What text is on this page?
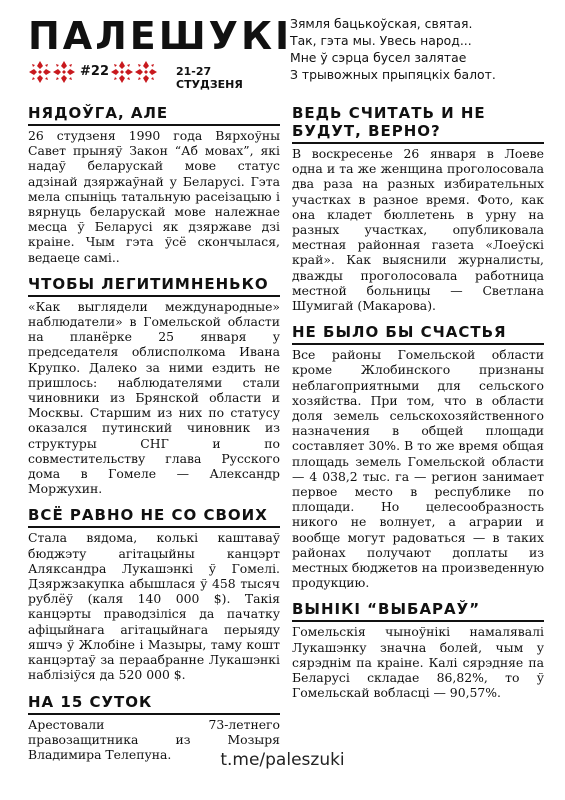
ПАЛЕШУКІ
#22	21-27 СТУДЗЕНЯ
Зямля бацькоўская, святая.
Так, гэта мы. Увесь народ...
Мне ў сэрца бусел залятае
З трывожных прыпяцкіх балот.
НЯДОЎГА, АЛЕ

26 студзеня 1990 года Вярхоўны Савет прыняў Закон “Аб мовах”, які надаў беларускай мове статус адзінай дзяржаўнай у Беларусі. Гэта мела спыніць татальную расеізацыю і вярнуць беларускай мове належнае месца ў Беларусі як дзяржаве дзі краіне. Чым гэта ўсё скончылася, ведаеце самі..

ЧТОБЫ ЛЕГИТИМНЕНЬКО

«Как выглядели международные» наблюдатели» в Гомельской области на планёрке 25 января у председателя облисполкома Ивана Крупко. Далеко за ними ездить не пришлось: наблюдателями стали чиновники из Брянской области и Москвы. Старшим из них по статусу оказался путинский чиновник из структуры СНГ и по совместительству глава Русского дома в Гомеле — Александр Моржухин.

ВСЁ РАВНО НЕ СО СВОИХ

Стала вядома, колькі каштаваў бюджэту агітацыйны канцэрт Аляксандра Лукашэнкі ў Гомелі. Дзяржзакупка абышлася ў 458 тысяч рублёў (каля 140 000 $). Такія канцэрты праводзіліся да пачатку афіцыйнага агітацыйнага перыяду яшчэ ў Жлобіне і Мазыры, таму кошт канцэртаў за пераабранне Лукашэнкі наблізіўся да 520 000 $.

НА 15 СУТОК

Арестовали 73-летнего правозащитника из Мозыря Владимира Телепуна.

ВЕДЬ СЧИТАТЬ И НЕ БУДУТ, ВЕРНО?

В воскресенье 26 января в Лоеве одна и та же женщина проголосовала два раза на разных избирательных участках в разное время. Фото, как она кладет бюллетень в урну на разных участках, опубликовала местная районная газета «Лоеўскі край». Как выяснили журналисты, дважды проголосовала работница местной больницы — Светлана Шумигай (Макарова).

НЕ БЫЛО БЫ СЧАСТЬЯ

Все районы Гомельской области кроме Жлобинского признаны неблагоприятными для сельского хозяйства. При том, что в области доля земель сельскохозяйственного назначения в общей площади составляет 30%. В то же время общая площадь земель Гомельской области — 4 038,2 тыс. га — регион занимает первое место в республике по площади. Но целесообразность никого не волнует, а аграрии и вообще могут радоваться — в таких районах получают доплаты из местных бюджетов на произведенную продукцию.

ВЫНІКІ “ВЫБАРАЎ”

Гомельскія чыноўнікі намалявалі Лукашэнку значна болей, чым у сярэднім па краіне. Калі сярэдняе па Беларусі складае 86,82%, то ў Гомельскай вобласці — 90,57%.

t.me/paleszuki
